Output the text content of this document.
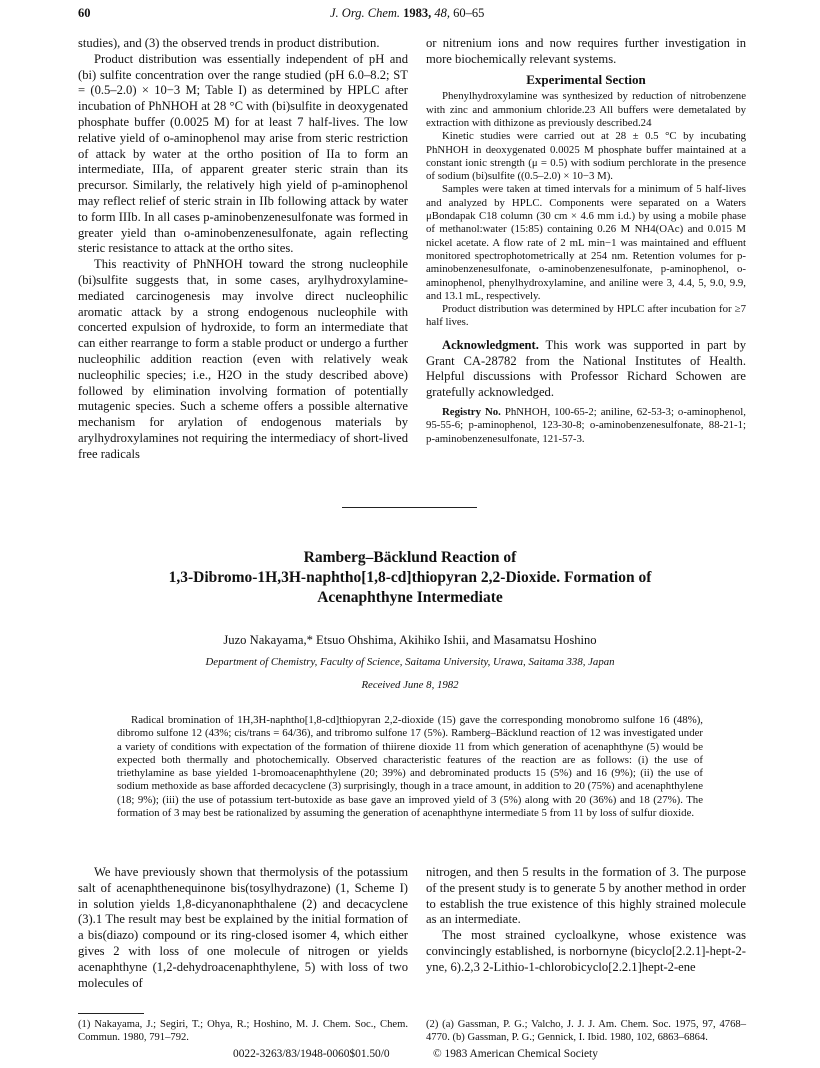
60	J. Org. Chem. 1983, 48, 60–65

studies), and (3) the observed trends in product distribution.

Product distribution was essentially independent of pH and (bi) sulfite concentration over the range studied (pH 6.0–8.2; ST = (0.5–2.0) × 10−3 M; Table I) as determined by HPLC after incubation of PhNHOH at 28 °C with (bi)sulfite in deoxygenated phosphate buffer (0.0025 M) for at least 7 half-lives. The low relative yield of o-aminophenol may arise from steric restriction of attack by water at the ortho position of IIa to form an intermediate, IIIa, of apparent greater steric strain than its precursor. Similarly, the relatively high yield of p-aminophenol may reflect relief of steric strain in IIb following attack by water to form IIIb. In all cases p-aminobenzenesulfonate was formed in greater yield than o-aminobenzenesulfonate, again reflecting steric resistance to attack at the ortho sites.

This reactivity of PhNHOH toward the strong nucleophile (bi)sulfite suggests that, in some cases, arylhydroxylamine-mediated carcinogenesis may involve direct nucleophilic aromatic attack by a strong endogenous nucleophile with concerted expulsion of hydroxide, to form an intermediate that can either rearrange to form a stable product or undergo a further nucleophilic addition reaction (even with relatively weak nucleophilic species; i.e., H2O in the study described above) followed by elimination involving formation of potentially mutagenic species. Such a scheme offers a possible alternative mechanism for arylation of endogenous materials by arylhydroxylamines not requiring the intermediacy of short-lived free radicals

or nitrenium ions and now requires further investigation in more biochemically relevant systems.

Experimental Section

Phenylhydroxylamine was synthesized by reduction of nitrobenzene with zinc and ammonium chloride.23 All buffers were demetalated by extraction with dithizone as previously described.24

Kinetic studies were carried out at 28 ± 0.5 °C by incubating PhNHOH in deoxygenated 0.0025 M phosphate buffer maintained at a constant ionic strength (μ = 0.5) with sodium perchlorate in the presence of sodium (bi)sulfite ((0.5–2.0) × 10−3 M).

Samples were taken at timed intervals for a minimum of 5 half-lives and analyzed by HPLC. Components were separated on a Waters μBondapak C18 column (30 cm × 4.6 mm i.d.) by using a mobile phase of methanol:water (15:85) containing 0.26 M NH4(OAc) and 0.015 M nickel acetate. A flow rate of 2 mL min−1 was maintained and effluent monitored spectrophotometrically at 254 nm. Retention volumes for p-aminobenzenesulfonate, o-aminobenzenesulfonate, p-aminophenol, o-aminophenol, phenylhydroxylamine, and aniline were 3, 4.4, 5, 9.0, 9.9, and 13.1 mL, respectively.

Product distribution was determined by HPLC after incubation for ≥7 half lives.

Acknowledgment. This work was supported in part by Grant CA-28782 from the National Institutes of Health. Helpful discussions with Professor Richard Schowen are gratefully acknowledged.

Registry No. PhNHOH, 100-65-2; aniline, 62-53-3; o-aminophenol, 95-55-6; p-aminophenol, 123-30-8; o-aminobenzenesulfonate, 88-21-1; p-aminobenzenesulfonate, 121-57-3.

Ramberg–Bäcklund Reaction of
1,3-Dibromo-1H,3H-naphtho[1,8-cd]thiopyran 2,2-Dioxide. Formation of
Acenaphthyne Intermediate
Juzo Nakayama,* Etsuo Ohshima, Akihiko Ishii, and Masamatsu Hoshino
Department of Chemistry, Faculty of Science, Saitama University, Urawa, Saitama 338, Japan
Received June 8, 1982
Radical bromination of 1H,3H-naphtho[1,8-cd]thiopyran 2,2-dioxide (15) gave the corresponding monobromo sulfone 16 (48%), dibromo sulfone 12 (43%; cis/trans = 64/36), and tribromo sulfone 17 (5%). Ramberg–Bäcklund reaction of 12 was investigated under a variety of conditions with expectation of the formation of thiirene dioxide 11 from which generation of acenaphthyne (5) would be expected both thermally and photochemically. Observed characteristic features of the reaction are as follows: (i) the use of triethylamine as base yielded 1-bromoacenaphthylene (20; 39%) and debrominated products 15 (5%) and 16 (9%); (ii) the use of sodium methoxide as base afforded decacyclene (3) surprisingly, though in a trace amount, in addition to 20 (75%) and acenaphthylene (18; 9%); (iii) the use of potassium tert-butoxide as base gave an improved yield of 3 (5%) along with 20 (36%) and 18 (27%). The formation of 3 may best be rationalized by assuming the generation of acenaphthyne intermediate 5 from 11 by loss of sulfur dioxide.

We have previously shown that thermolysis of the potassium salt of acenaphthenequinone bis(tosylhydrazone) (1, Scheme I) in solution yields 1,8-dicyanonaphthalene (2) and decacyclene (3).1 The result may best be explained by the initial formation of a bis(diazo) compound or its ring-closed isomer 4, which either gives 2 with loss of one molecule of nitrogen or yields acenaphthyne (1,2-dehydroacenaphthylene, 5) with loss of two molecules of

nitrogen, and then 5 results in the formation of 3. The purpose of the present study is to generate 5 by another method in order to establish the true existence of this highly strained molecule as an intermediate.

The most strained cycloalkyne, whose existence was convincingly established, is norbornyne (bicyclo[2.2.1]-hept-2-yne, 6).2,3 2-Lithio-1-chlorobicyclo[2.2.1]hept-2-ene

(1) Nakayama, J.; Segiri, T.; Ohya, R.; Hoshino, M. J. Chem. Soc., Chem. Commun. 1980, 791–792.
(2) (a) Gassman, P. G.; Valcho, J. J. J. Am. Chem. Soc. 1975, 97, 4768–4770. (b) Gassman, P. G.; Gennick, I. Ibid. 1980, 102, 6863–6864.
0022-3263/83/1948-0060$01.50/0	© 1983 American Chemical Society
